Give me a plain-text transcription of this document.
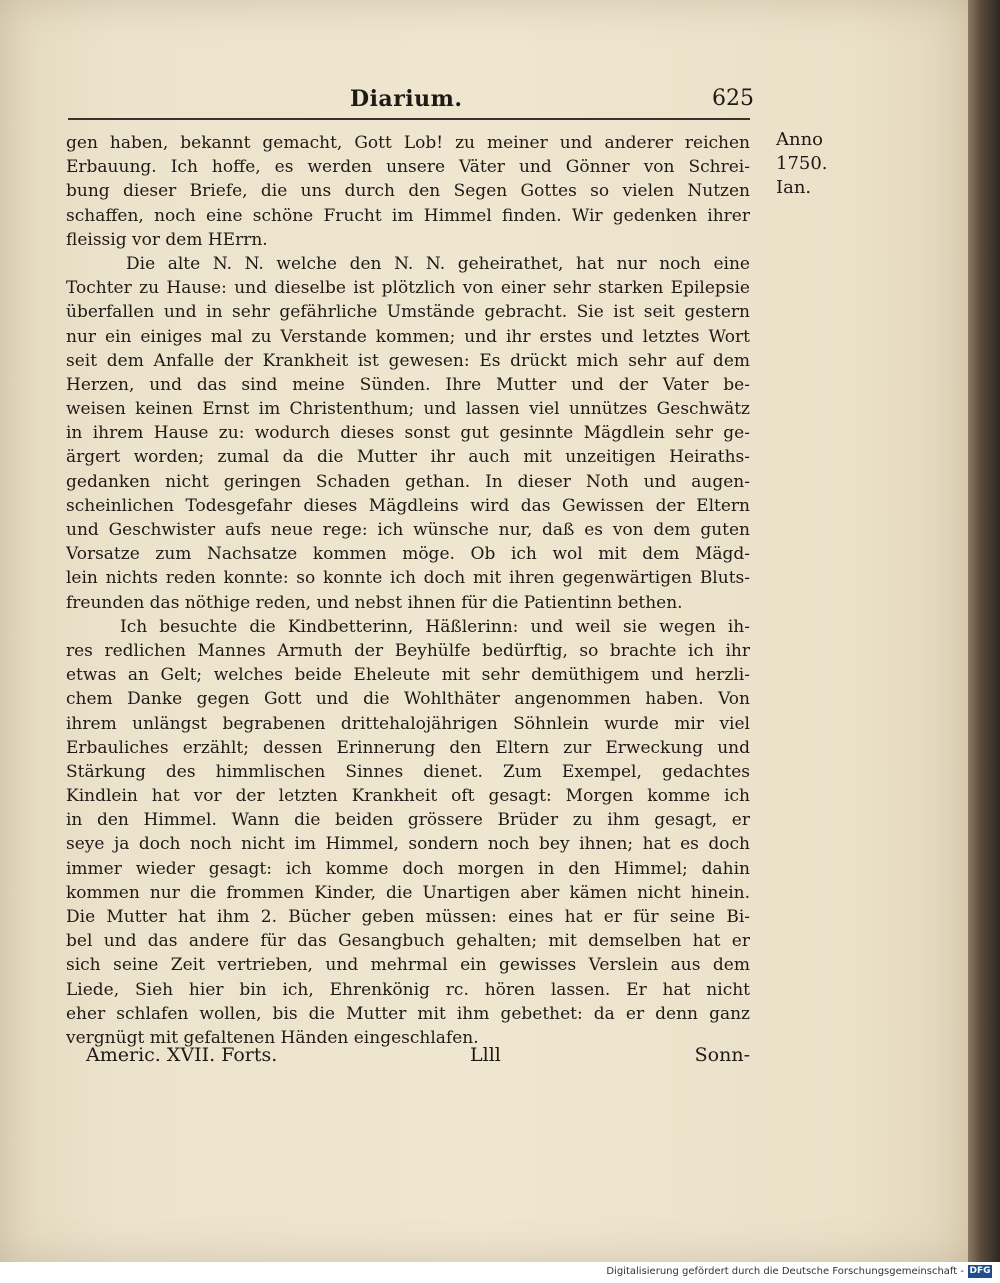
Diarium.	625
Anno
1750.
Ian.
gen haben, bekannt gemacht, Gott Lob! zu meiner und anderer reichen
Erbauung. Ich hoffe, es werden unsere Väter und Gönner von Schrei-
bung dieser Briefe, die uns durch den Segen Gottes so vielen Nutzen
schaffen, noch eine schöne Frucht im Himmel finden. Wir gedenken ihrer
fleissig vor dem HErrn.
Die alte N. N. welche den N. N. geheirathet, hat nur noch eine
Tochter zu Hause: und dieselbe ist plötzlich von einer sehr starken Epilepsie
überfallen und in sehr gefährliche Umstände gebracht. Sie ist seit gestern
nur ein einiges mal zu Verstande kommen; und ihr erstes und letztes Wort
seit dem Anfalle der Krankheit ist gewesen: Es drückt mich sehr auf dem
Herzen, und das sind meine Sünden. Ihre Mutter und der Vater be-
weisen keinen Ernst im Christenthum; und lassen viel unnützes Geschwätz
in ihrem Hause zu: wodurch dieses sonst gut gesinnte Mägdlein sehr ge-
ärgert worden; zumal da die Mutter ihr auch mit unzeitigen Heiraths-
gedanken nicht geringen Schaden gethan. In dieser Noth und augen-
scheinlichen Todesgefahr dieses Mägdleins wird das Gewissen der Eltern
und Geschwister aufs neue rege: ich wünsche nur, daß es von dem guten
Vorsatze zum Nachsatze kommen möge. Ob ich wol mit dem Mägd-
lein nichts reden konnte: so konnte ich doch mit ihren gegenwärtigen Bluts-
freunden das nöthige reden, und nebst ihnen für die Patientinn bethen.
Ich besuchte die Kindbetterinn, Häßlerinn: und weil sie wegen ih-
res redlichen Mannes Armuth der Beyhülfe bedürftig, so brachte ich ihr
etwas an Gelt; welches beide Eheleute mit sehr demüthigem und herzli-
chem Danke gegen Gott und die Wohlthäter angenommen haben. Von
ihrem unlängst begrabenen drittehalojährigen Söhnlein wurde mir viel
Erbauliches erzählt; dessen Erinnerung den Eltern zur Erweckung und
Stärkung des himmlischen Sinnes dienet. Zum Exempel, gedachtes
Kindlein hat vor der letzten Krankheit oft gesagt: Morgen komme ich
in den Himmel. Wann die beiden grössere Brüder zu ihm gesagt, er
seye ja doch noch nicht im Himmel, sondern noch bey ihnen; hat es doch
immer wieder gesagt: ich komme doch morgen in den Himmel; dahin
kommen nur die frommen Kinder, die Unartigen aber kämen nicht hinein.
Die Mutter hat ihm 2. Bücher geben müssen: eines hat er für seine Bi-
bel und das andere für das Gesangbuch gehalten; mit demselben hat er
sich seine Zeit vertrieben, und mehrmal ein gewisses Verslein aus dem
Liede, Sieh hier bin ich, Ehrenkönig rc. hören lassen. Er hat nicht
eher schlafen wollen, bis die Mutter mit ihm gebethet: da er denn ganz
vergnügt mit gefaltenen Händen eingeschlafen.
Americ. XVII. Forts.	Llll	Sonn-
Digitalisierung gefördert durch die Deutsche Forschungsgemeinschaft - DFG
